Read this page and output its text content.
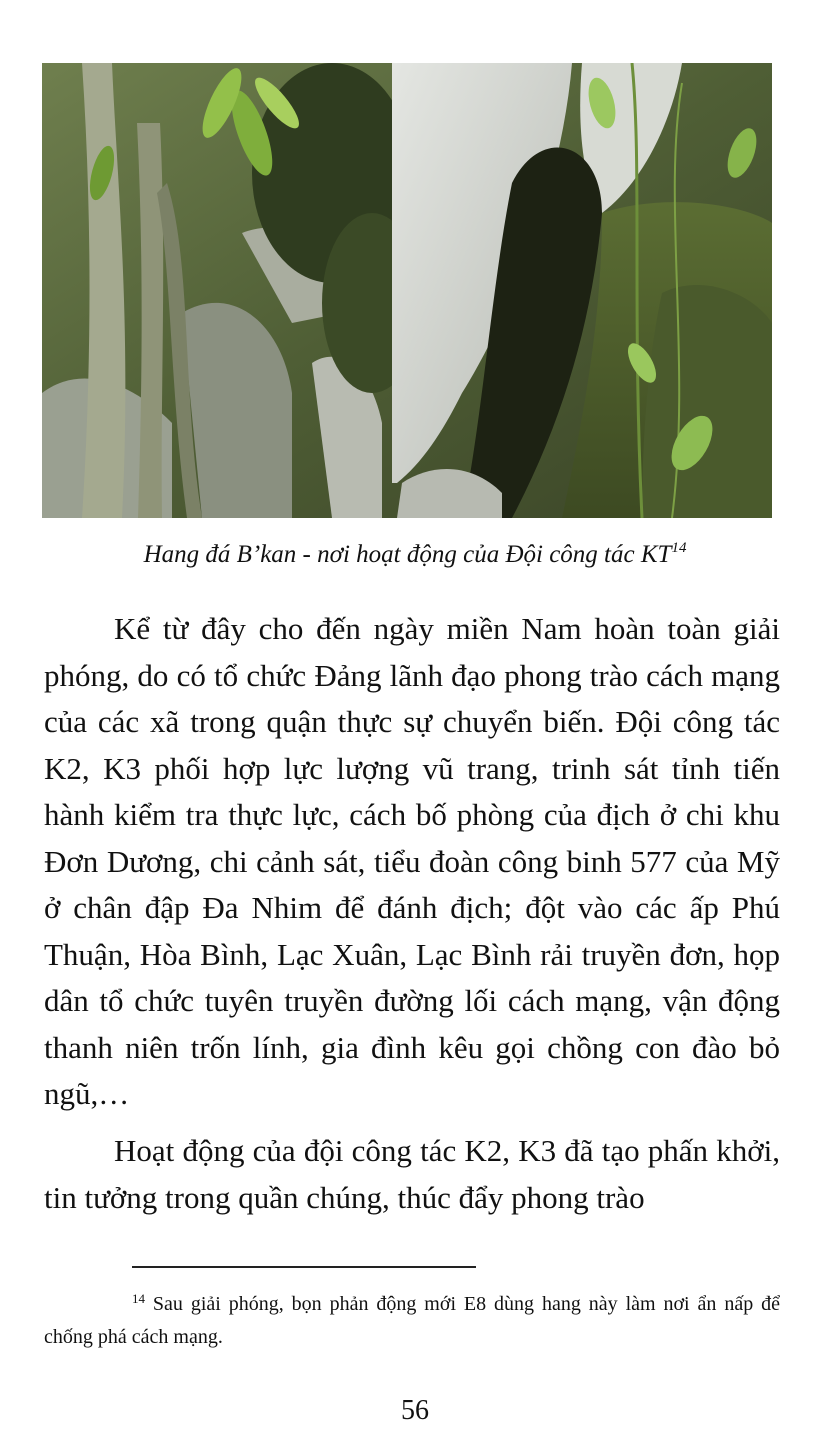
Hang đá B’kan - nơi hoạt động của Đội công tác KT$^{14}$

Kể từ đây cho đến ngày miền Nam hoàn toàn giải phóng, do có tổ chức Đảng lãnh đạo phong trào cách mạng của các xã trong quận thực sự chuyển biến. Đội công tác K2, K3 phối hợp lực lượng vũ trang, trinh sát tỉnh tiến hành kiểm tra thực lực, cách bố phòng của địch ở chi khu Đơn Dương, chi cảnh sát, tiểu đoàn công binh 577 của Mỹ ở chân đập Đa Nhim để đánh địch; đột vào các ấp Phú Thuận, Hòa Bình, Lạc Xuân, Lạc Bình rải truyền đơn, họp dân tổ chức tuyên truyền đường lối cách mạng, vận động thanh niên trốn lính, gia đình kêu gọi chồng con đào bỏ ngũ,…

Hoạt động của đội công tác K2, K3 đã tạo phấn khởi, tin tưởng trong quần chúng, thúc đẩy phong trào

$^{14}$ Sau giải phóng, bọn phản động mới E8 dùng hang này làm nơi ẩn nấp để chống phá cách mạng.
56
